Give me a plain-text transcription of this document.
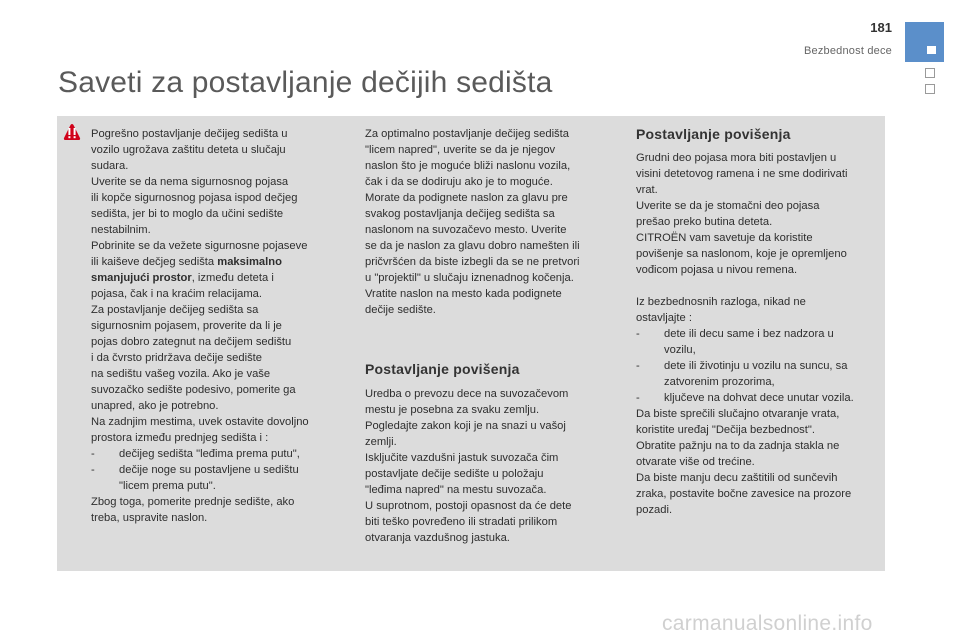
181
Bezbednost dece
Saveti za postavljanje dečijih sedišta

Pogrešno postavljanje dečijeg sedišta u
vozilo ugrožava zaštitu deteta u slučaju
sudara.
Uverite se da nema sigurnosnog pojasa
ili kopče sigurnosnog pojasa ispod dečjeg
sedišta, jer bi to moglo da učini sedište
nestabilnim.
Pobrinite se da vežete sigurnosne pojaseve
ili kaiševe dečjeg sedišta maksimalno
smanjujući prostor, između deteta i
pojasa, čak i na kraćim relacijama.
Za postavljanje dečijeg sedišta sa
sigurnosnim pojasem, proverite da li je
pojas dobro zategnut na dečijem sedištu
i da čvrsto pridržava dečije sedište
na sedištu vašeg vozila. Ako je vaše
suvozačko sedište podesivo, pomerite ga
unapred, ako je potrebno.
Na zadnjim mestima, uvek ostavite dovoljno
prostora između prednjeg sedišta i :

-	dečijeg sedišta "leđima prema putu",
-	dečije noge su postavljene u sedištu
"licem prema putu".

Zbog toga, pomerite prednje sedište, ako
treba, uspravite naslon.

Za optimalno postavljanje dečijeg sedišta
"licem napred", uverite se da je njegov
naslon što je moguće bliži naslonu vozila,
čak i da se dodiruju ako je to moguće.
Morate da podignete naslon za glavu pre
svakog postavljanja dečijeg sedišta sa
naslonom na suvozačevo mesto. Uverite
se da je naslon za glavu dobro namešten ili
pričvršćen da biste izbegli da se ne pretvori
u "projektil" u slučaju iznenadnog kočenja.
Vratite naslon na mesto kada podignete
dečije sedište.

Postavljanje povišenja

Uredba o prevozu dece na suvozačevom
mestu je posebna za svaku zemlju.
Pogledajte zakon koji je na snazi u vašoj
zemlji.
Isključite vazdušni jastuk suvozača čim
postavljate dečije sedište u položaju
"leđima napred" na mestu suvozača.
U suprotnom, postoji opasnost da će dete
biti teško povređeno ili stradati prilikom
otvaranja vazdušnog jastuka.

Postavljanje povišenja

Grudni deo pojasa mora biti postavljen u
visini detetovog ramena i ne sme dodirivati
vrat.
Uverite se da je stomačni deo pojasa
prešao preko butina deteta.
CITROËN vam savetuje da koristite
povišenje sa naslonom, koje je opremljeno
vođicom pojasa u nivou remena.

Iz bezbednosnih razloga, nikad ne
ostavljajte :

-	dete ili decu same i bez nadzora u
vozilu,
-	dete ili životinju u vozilu na suncu, sa
zatvorenim prozorima,
-	ključeve na dohvat dece unutar vozila.

Da biste sprečili slučajno otvaranje vrata,
koristite uređaj "Dečija bezbednost".
Obratite pažnju na to da zadnja stakla ne
otvarate više od trećine.
Da biste manju decu zaštitili od sunčevih
zraka, postavite bočne zavesice na prozore
pozadi.

carmanualsonline.info
